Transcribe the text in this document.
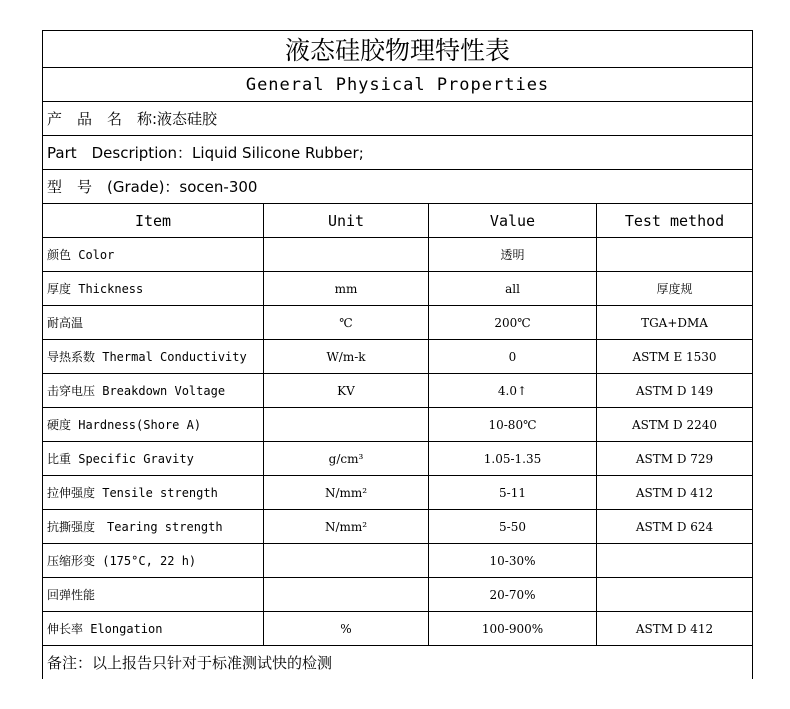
液态硅胶物理特性表			
General Physical Properties			
产　品　名　称:液态硅胶			
Part　Description：Liquid Silicone Rubber;			
型　号　(Grade)：socen-300			
Item	Unit	Value	Test method
颜色 Color		透明	
厚度 Thickness	mm	all	厚度规
耐高温	℃	200℃	TGA+DMA
导热系数 Thermal Conductivity	W/m-k	0	ASTM E 1530
击穿电压 Breakdown Voltage	KV	4.0↑	ASTM D 149
硬度 Hardness(Shore A)		10-80℃	ASTM D 2240
比重 Specific Gravity	g/cm³	1.05-1.35	ASTM D 729
拉伸强度 Tensile strength	N/mm²	5-11	ASTM D 412
抗撕强度　Tearing strength	N/mm²	5-50	ASTM D 624
压缩形变 (175°C, 22 h)		10-30%	
回弹性能		20-70%	
伸长率 Elongation	%	100-900%	ASTM D 412
备注：以上报告只针对于标准测试快的检测			
